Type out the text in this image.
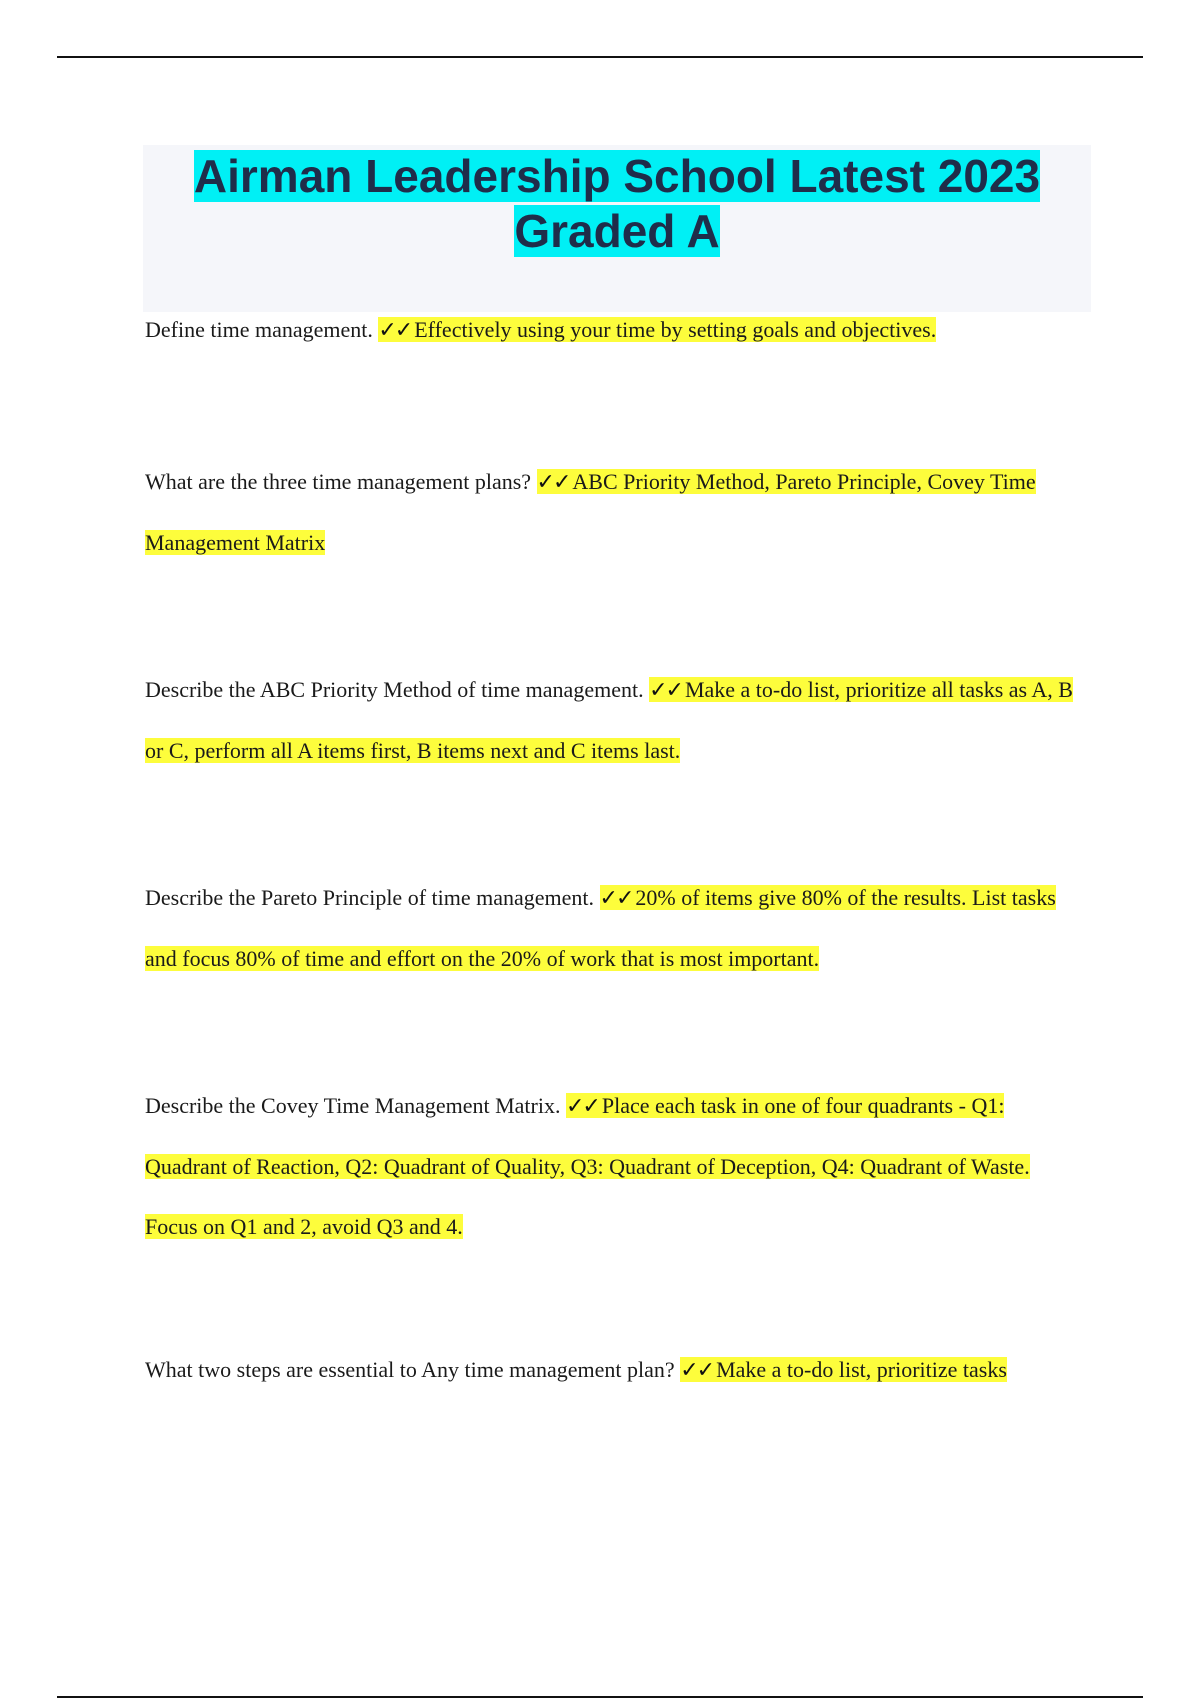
Airman Leadership School Latest 2023 Graded A

Define time management. ✓✓ Effectively using your time by setting goals and objectives.

What are the three time management plans? ✓✓ ABC Priority Method, Pareto Principle, Covey Time Management Matrix

Describe the ABC Priority Method of time management. ✓✓ Make a to-do list, prioritize all tasks as A, B or C, perform all A items first, B items next and C items last.

Describe the Pareto Principle of time management. ✓✓ 20% of items give 80% of the results. List tasks and focus 80% of time and effort on the 20% of work that is most important.

Describe the Covey Time Management Matrix. ✓✓ Place each task in one of four quadrants - Q1: Quadrant of Reaction, Q2: Quadrant of Quality, Q3: Quadrant of Deception, Q4: Quadrant of Waste. Focus on Q1 and 2, avoid Q3 and 4.

What two steps are essential to Any time management plan? ✓✓ Make a to-do list, prioritize tasks
